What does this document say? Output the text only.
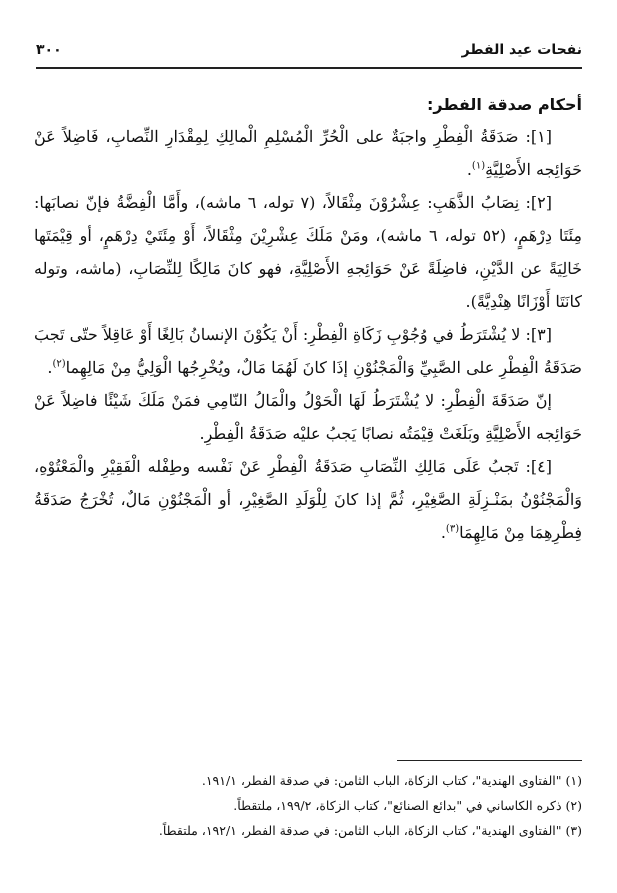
نفحات عيد الفطر
٣٠٠

أحكام صدقة الفطر:

[١]: صَدَقَةُ الْفِطْرِ واجبَةٌ على الْحُرِّ الْمُسْلِمِ الْمالِكِ لِمِقْدَارِ النِّصابِ، فَاضِلاً عَنْ حَوَائِجه الأَصْلِيَّةِ$^{(١)}$.

[٢]: نِصَابُ الذَّهَبِ: عِشْرُوْنَ مِثْقَالاً، (٧ توله، ٦ ماشه)، وأَمَّا الْفِضَّةُ فإنّ نصابَها: مِئَتَا دِرْهَمٍ، (٥٢ توله، ٦ ماشه)، ومَنْ مَلَكَ عِشْرِيْنَ مِثْقَالاً، أَوْ مِئَتَيْ دِرْهَمٍ، أو قِيْمَتَها خَالِيَةً عن الدَّيْنِ، فاضِلَةً عَنْ حَوَائِجهِ الأَصْلِيَّةِ، فهو كانَ مَالِكًا لِلنِّصَابِ، (ماشه، وتوله كانَتَا أَوْزَانًا هِنْدِيَّةً).

[٣]: لا يُشْتَرَطُ في وُجُوْبِ زَكَاةِ الْفِطْرِ: أَنْ يَكُوْنَ الإنسانُ بَالِغًا أَوْ عَاقِلاً حتّى تَجبَ صَدَقَةُ الْفِطْرِ على الصَّبِيِّ وَالْمَجْنُوْنِ إذَا كانَ لَهُمَا مَالٌ، ويُخْرِجُها الْوَلِيُّ مِنْ مَالِهِما$^{(٢)}$.

إنّ صَدَقَةَ الْفِطْرِ: لا يُشْتَرَطُ لَهَا الْحَوْلُ والْمَالُ النّامِي فمَنْ مَلَكَ شَيْئًا فاضِلاً عَنْ حَوَائِجه الأَصْلِيَّةِ وبَلَغَتْ قِيْمَتُه نصابًا يَجبُ عليْه صَدَقَةُ الْفِطْرِ.

[٤]: تَجبُ عَلَى مَالِكِ النِّصَابِ صَدَقَةُ الْفِطْرِ عَنْ نَفْسه وطِفْله الْفَقِيْرِ والْمَعْتُوْهِ، وَالْمَجْنُوْنُ بمَنْـزِلَةِ الصَّغِيْرِ، ثُمَّ إذا كانَ لِلْوَلَدِ الصَّغِيْرِ، أو الْمَجْنُوْنِ مَالٌ، تُخْرَجُ صَدَقَةُ فِطْرِهِمَا مِنْ مَالِهِمَا$^{(٣)}$.

(١) "الفتاوى الهندية"، كتاب الزكاة، الباب الثامن: في صدقة الفطر، ١٩١/١.

(٢) ذكره الكاساني في "بدائع الصنائع"، كتاب الزكاة، ١٩٩/٢، ملتقطاً.

(٣) "الفتاوى الهندية"، كتاب الزكاة، الباب الثامن: في صدقة الفطر، ١٩٢/١، ملتقطاً.
